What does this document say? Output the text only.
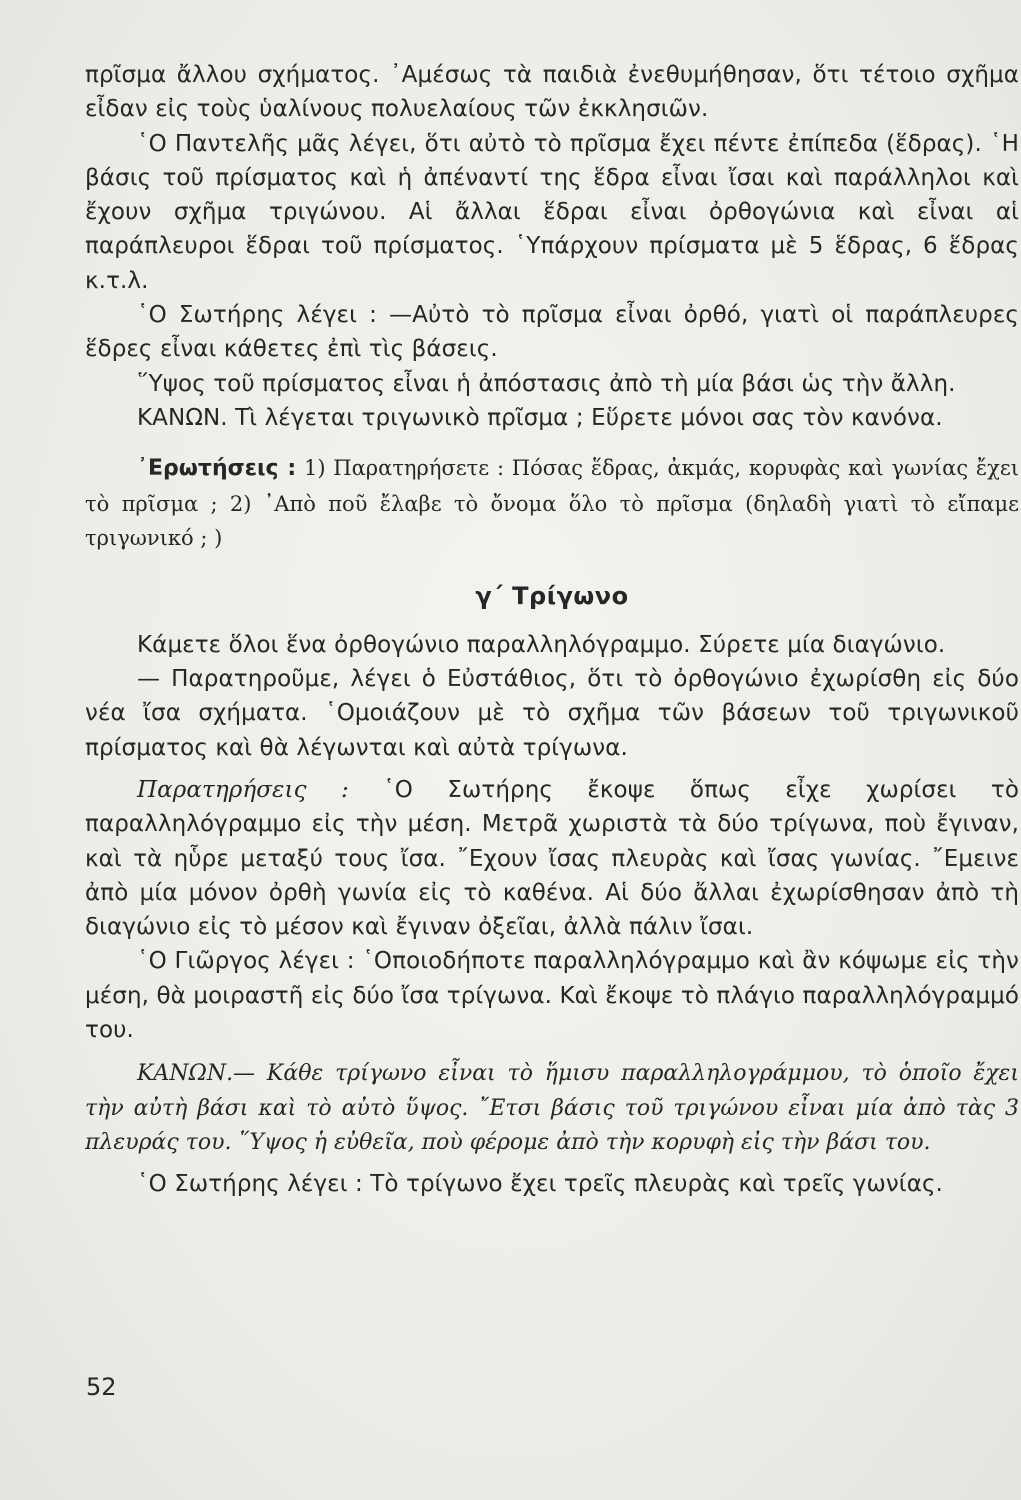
πρῖσμα ἄλλου σχήματος. ᾿Αμέσως τὰ παιδιὰ ἐνεθυμήθησαν, ὅτι τέτοιο σχῆμα εἶδαν εἰς τοὺς ὑαλίνους πολυελαίους τῶν ἐκκλησιῶν.

῾Ο Παντελῆς μᾶς λέγει, ὅτι αὐτὸ τὸ πρῖσμα ἔχει πέντε ἐπίπεδα (ἕδρας). ῾Η βάσις τοῦ πρίσματος καὶ ἡ ἀπέναντί της ἕδρα εἶναι ἴσαι καὶ παράλληλοι καὶ ἔχουν σχῆμα τριγώνου. Αἱ ἄλλαι ἕδραι εἶναι ὀρθογώνια καὶ εἶναι αἱ παράπλευροι ἕδραι τοῦ πρίσματος. ῾Υπάρχουν πρίσματα μὲ 5 ἕδρας, 6 ἕδρας κ.τ.λ.

῾Ο Σωτήρης λέγει : —Αὐτὸ τὸ πρῖσμα εἶναι ὀρθό, γιατὶ οἱ παράπλευρες ἕδρες εἶναι κάθετες ἐπὶ τὶς βάσεις.

῞Υψος τοῦ πρίσματος εἶναι ἡ ἀπόστασις ἀπὸ τὴ μία βάσι ὡς τὴν ἄλλη.

ΚΑΝΩΝ. Τὶ λέγεται τριγωνικὸ πρῖσμα ; Εὕρετε μόνοι σας τὸν κανόνα.

᾿Ερωτήσεις : 1) Παρατηρήσετε : Πόσας ἕδρας, ἀκμάς, κορυφὰς καὶ γωνίας ἔχει τὸ πρῖσμα ; 2) ᾿Απὸ ποῦ ἔλαβε τὸ ὄνομα ὅλο τὸ πρῖσμα (δηλαδὴ γιατὶ τὸ εἴπαμε τριγωνικό ; )
γ΄ Τρίγωνο

Κάμετε ὅλοι ἕνα ὀρθογώνιο παραλληλόγραμμο. Σύρετε μία διαγώνιο.

— Παρατηροῦμε, λέγει ὁ Εὐστάθιος, ὅτι τὸ ὀρθογώνιο ἐχωρίσθη εἰς δύο νέα ἴσα σχήματα. ῾Ομοιάζουν μὲ τὸ σχῆμα τῶν βάσεων τοῦ τριγωνικοῦ πρίσματος καὶ θὰ λέγωνται καὶ αὐτὰ τρίγωνα.

Παρατηρήσεις : ῾Ο Σωτήρης ἔκοψε ὅπως εἶχε χωρίσει τὸ παραλληλόγραμμο εἰς τὴν μέση. Μετρᾶ χωριστὰ τὰ δύο τρίγωνα, ποὺ ἔγιναν, καὶ τὰ ηὗρε μεταξύ τους ἴσα. ῎Εχουν ἴσας πλευρὰς καὶ ἴσας γωνίας. ῎Εμεινε ἀπὸ μία μόνον ὀρθὴ γωνία εἰς τὸ καθένα. Αἱ δύο ἄλλαι ἐχωρίσθησαν ἀπὸ τὴ διαγώνιο εἰς τὸ μέσον καὶ ἔγιναν ὀξεῖαι, ἀλλὰ πάλιν ἴσαι.

῾Ο Γιῶργος λέγει : ῾Οποιοδήποτε παραλληλόγραμμο καὶ ἂν κόψωμε εἰς τὴν μέση, θὰ μοιραστῆ εἰς δύο ἴσα τρίγωνα. Καὶ ἔκοψε τὸ πλάγιο παραλληλόγραμμό του.

ΚΑΝΩΝ.— Κάθε τρίγωνο εἶναι τὸ ἥμισυ παραλληλογράμμου, τὸ ὁποῖο ἔχει τὴν αὐτὴ βάσι καὶ τὸ αὐτὸ ὕψος. ῎Ετσι βάσις τοῦ τριγώνου εἶναι μία ἀπὸ τὰς 3 πλευράς του. ῞Υψος ἡ εὐθεῖα, ποὺ φέρομε ἀπὸ τὴν κορυφὴ εἰς τὴν βάσι του.

῾Ο Σωτήρης λέγει : Τὸ τρίγωνο ἔχει τρεῖς πλευρὰς καὶ τρεῖς γωνίας.

52
